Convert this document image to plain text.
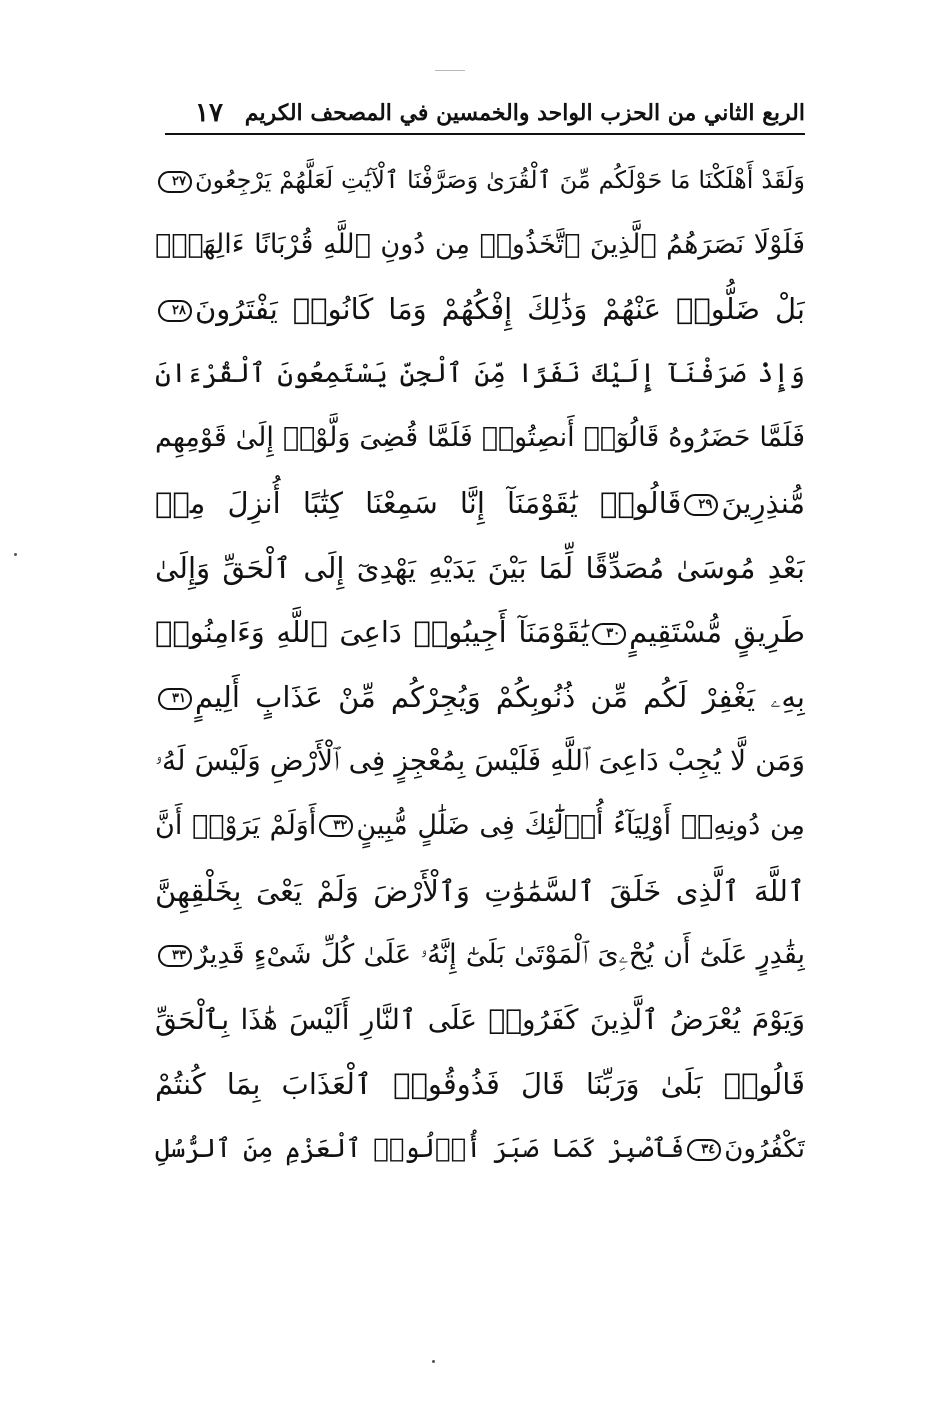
١٧ الربع الثاني من الحزب الواحد والخمسين في المصحف الكريم
وَلَقَدْ أَهْلَكْنَا مَا حَوْلَكُم مِّنَ ٱلْقُرَىٰ وَصَرَّفْنَا ٱلْآيَٰتِ لَعَلَّهُمْ يَرْجِعُونَ٢٧
فَلَوْلَا نَصَرَهُمُ ٱلَّذِينَ ٱتَّخَذُوا۟ مِن دُونِ ٱللَّهِ قُرْبَانًا ءَالِهَةًۢ
بَلْ ضَلُّوا۟ عَنْهُمْ وَذَٰلِكَ إِفْكُهُمْ وَمَا كَانُوا۟ يَفْتَرُونَ٢٨
وَإِذْ صَرَفْنَآ إِلَيْكَ نَفَرًا مِّنَ ٱلْجِنِّ يَسْتَمِعُونَ ٱلْقُرْءَانَ
فَلَمَّا حَضَرُوهُ قَالُوٓا۟ أَنصِتُوا۟ فَلَمَّا قُضِىَ وَلَّوْا۟ إِلَىٰ قَوْمِهِم
مُّنذِرِينَ٢٩قَالُوا۟ يَٰقَوْمَنَآ إِنَّا سَمِعْنَا كِتَٰبًا أُنزِلَ مِنۢ
بَعْدِ مُوسَىٰ مُصَدِّقًا لِّمَا بَيْنَ يَدَيْهِ يَهْدِىٓ إِلَى ٱلْحَقِّ وَإِلَىٰ
طَرِيقٍ مُّسْتَقِيمٍ٣٠يَٰقَوْمَنَآ أَجِيبُوا۟ دَاعِىَ ٱللَّهِ وَءَامِنُوا۟
بِهِۦ يَغْفِرْ لَكُم مِّن ذُنُوبِكُمْ وَيُجِرْكُم مِّنْ عَذَابٍ أَلِيمٍ٣١
وَمَن لَّا يُجِبْ دَاعِىَ ٱللَّهِ فَلَيْسَ بِمُعْجِزٍ فِى ٱلْأَرْضِ وَلَيْسَ لَهُۥ
مِن دُونِهِۦٓ أَوْلِيَآءُ أُو۟لَٰٓئِكَ فِى ضَلَٰلٍ مُّبِينٍ٣٢أَوَلَمْ يَرَوْا۟ أَنَّ
ٱللَّهَ ٱلَّذِى خَلَقَ ٱلسَّمَٰوَٰتِ وَٱلْأَرْضَ وَلَمْ يَعْىَ بِخَلْقِهِنَّ
بِقَٰدِرٍ عَلَىٰٓ أَن يُحْۦِىَ ٱلْمَوْتَىٰ بَلَىٰٓ إِنَّهُۥ عَلَىٰ كُلِّ شَىْءٍ قَدِيرٌ٣٣
وَيَوْمَ يُعْرَضُ ٱلَّذِينَ كَفَرُوا۟ عَلَى ٱلنَّارِ أَلَيْسَ هَٰذَا بِٱلْحَقِّ
قَالُوا۟ بَلَىٰ وَرَبِّنَا قَالَ فَذُوقُوا۟ ٱلْعَذَابَ بِمَا كُنتُمْ
تَكْفُرُونَ٣٤فَٱصْبِرْ كَمَا صَبَرَ أُو۟لُوا۟ ٱلْعَزْمِ مِنَ ٱلرُّسُلِ
